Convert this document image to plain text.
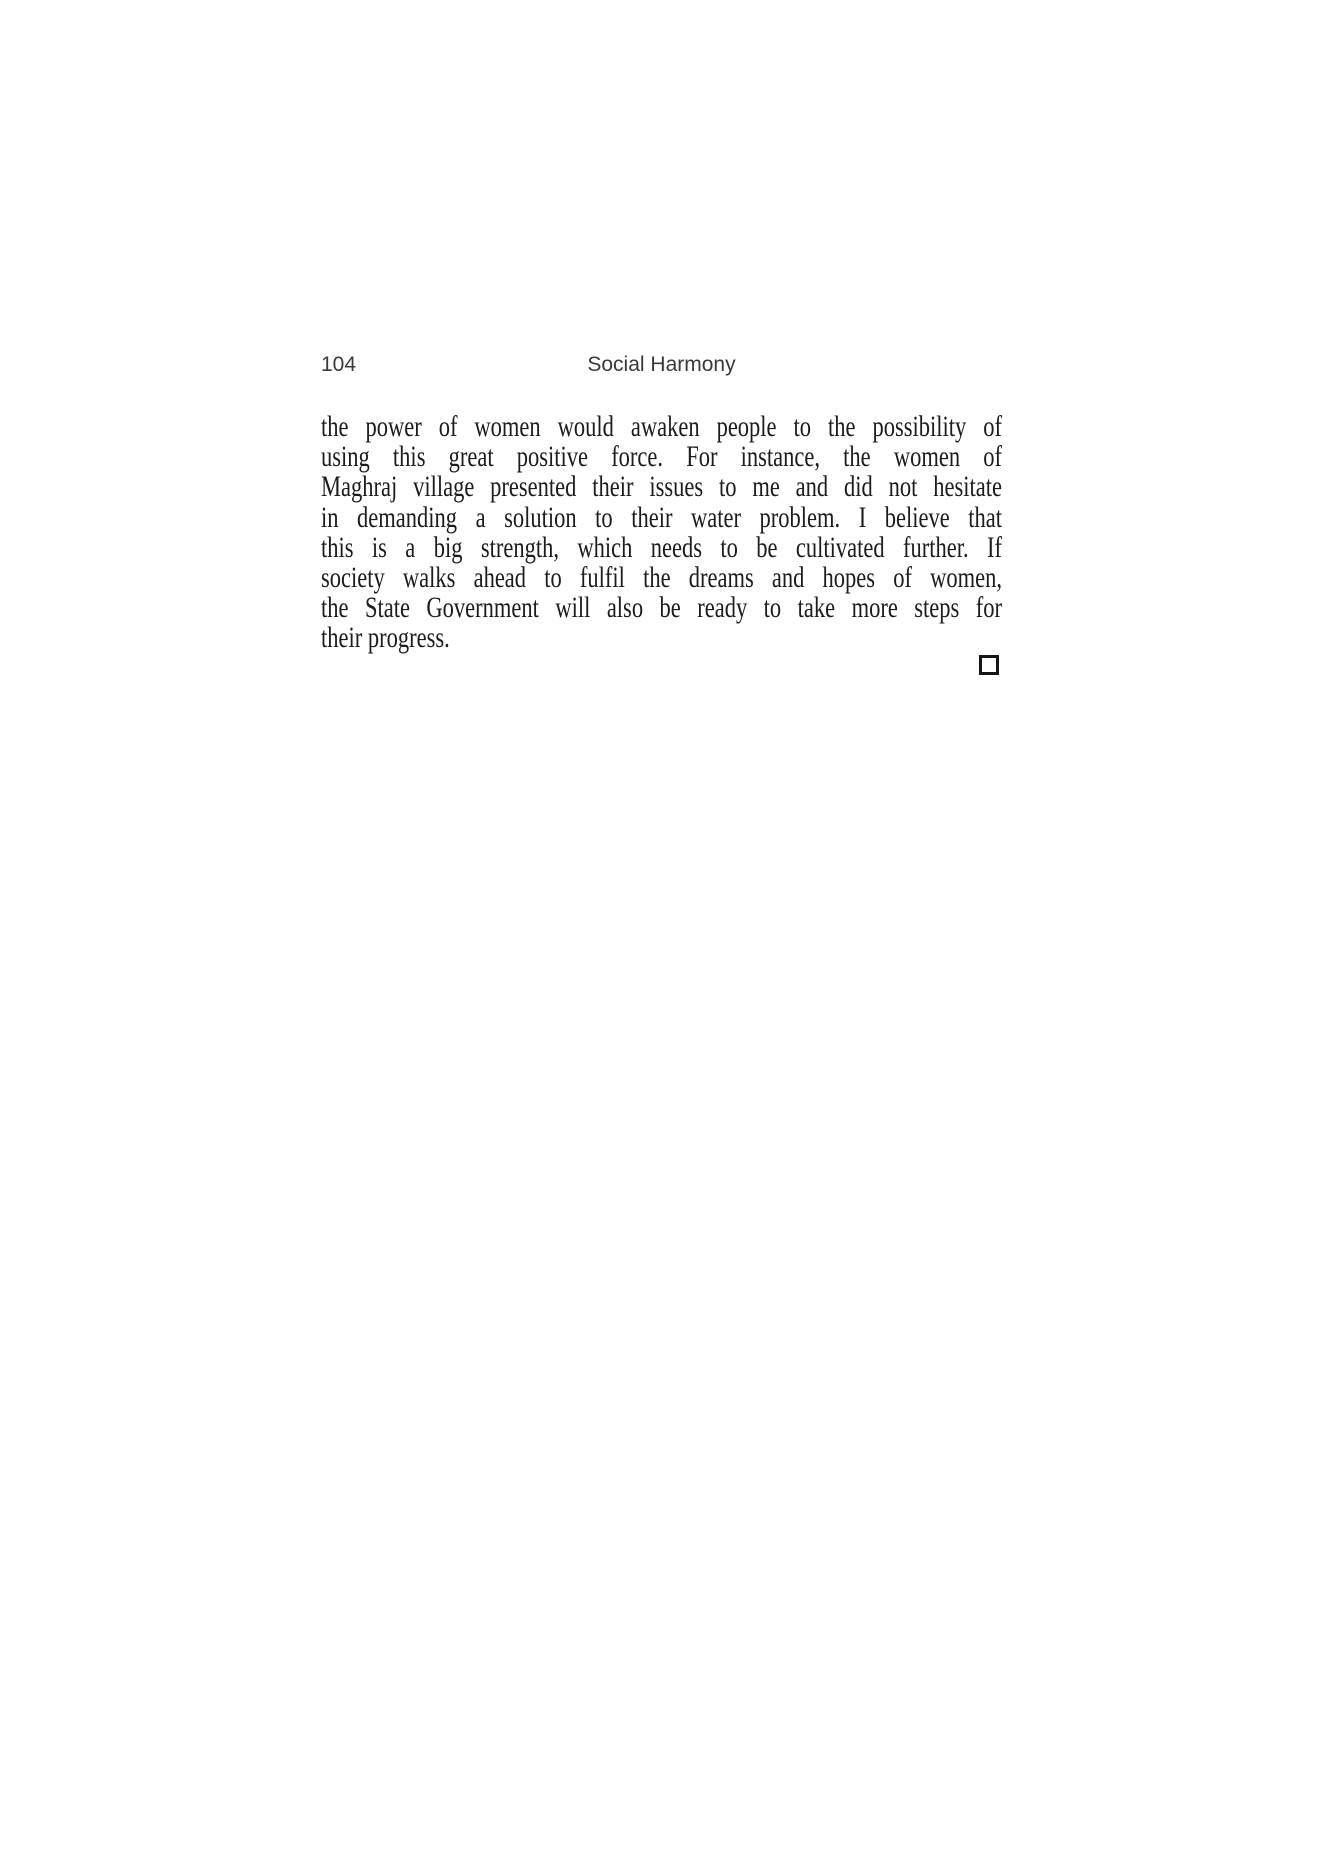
104	Social Harmony
the power of women would awaken people to the possibility of
using this great positive force. For instance, the women of
Maghraj village presented their issues to me and did not hesitate
in demanding a solution to their water problem. I believe that
this is a big strength, which needs to be cultivated further. If
society walks ahead to fulfil the dreams and hopes of women,
the State Government will also be ready to take more steps for
their progress.
